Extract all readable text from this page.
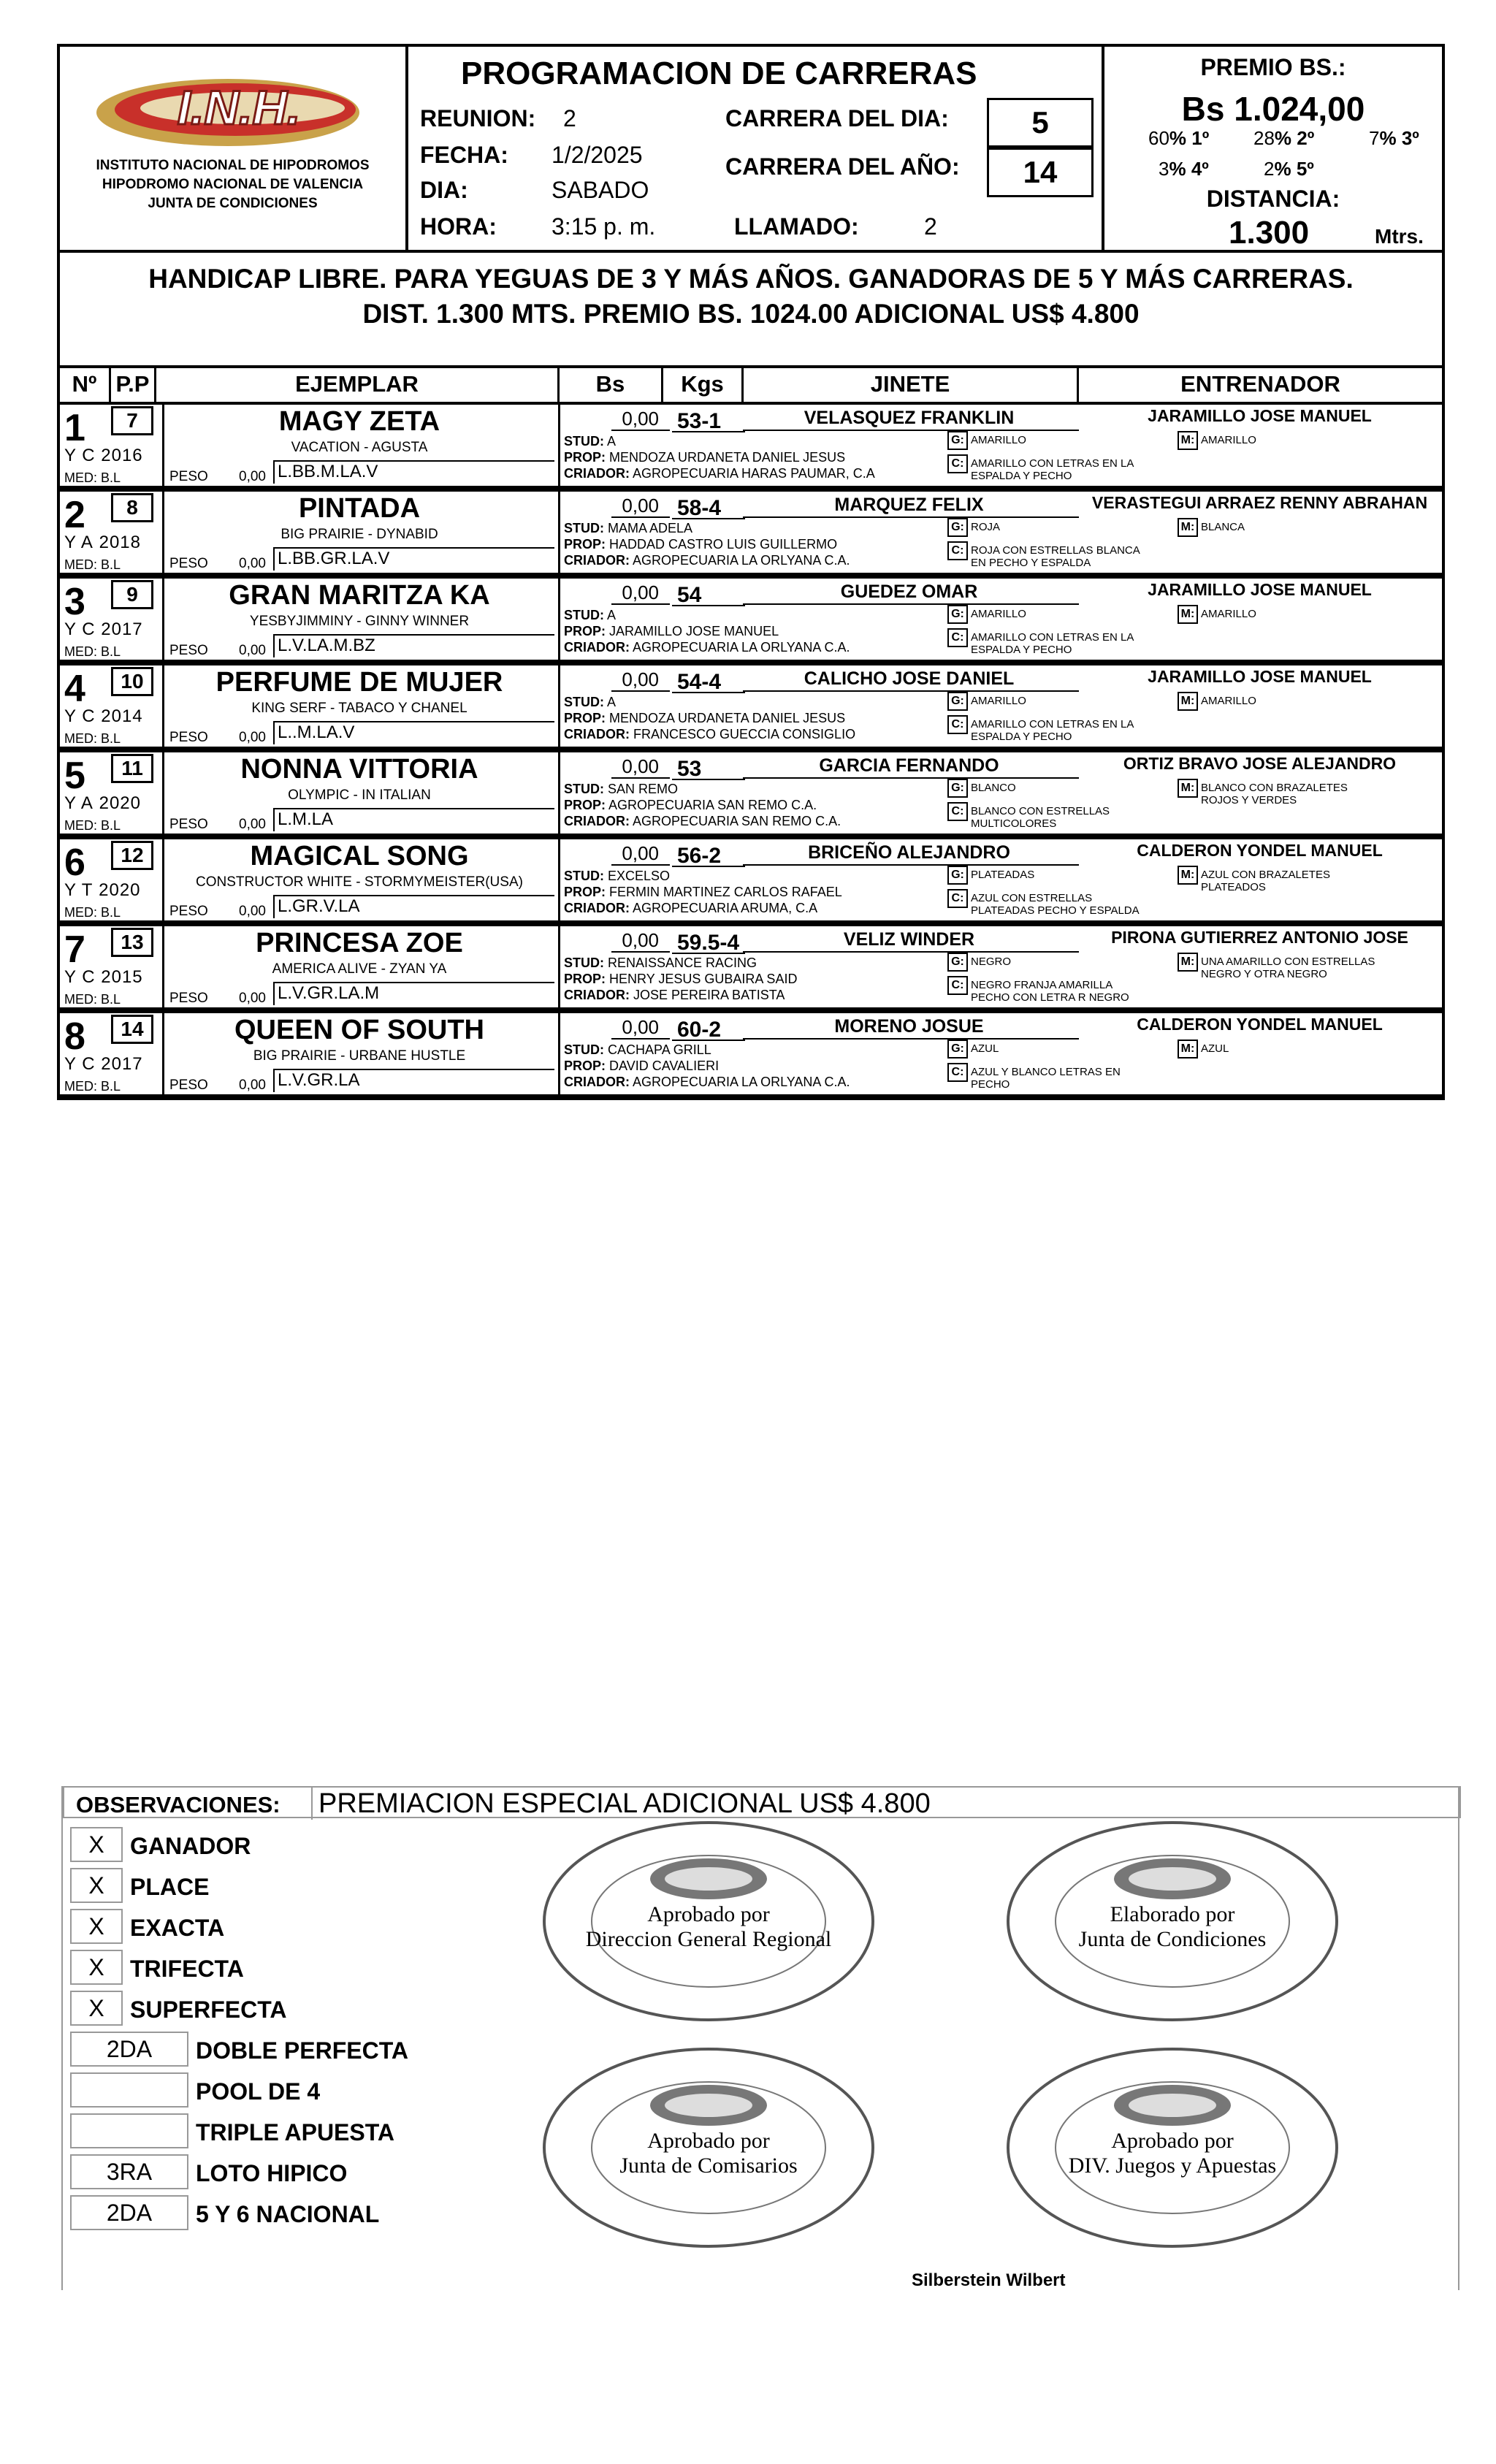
I.N.H.
INSTITUTO NACIONAL DE HIPODROMOS
HIPODROMO NACIONAL DE VALENCIA
JUNTA DE CONDICIONES
PROGRAMACION DE CARRERAS
REUNION: 2
FECHA: 1/2/2025
DIA:	SABADO
HORA: 3:15 p. m.
CARRERA DEL DIA:	5
CARRERA DEL AÑO:	14
LLAMADO:	2
PREMIO BS.:
Bs 1.024,00
60% 1º 28% 2º	7% 3º
3% 4º	2% 5º
DISTANCIA:
1.300	Mtrs.
HANDICAP LIBRE. PARA YEGUAS DE 3 Y MÁS AÑOS. GANADORAS DE 5 Y MÁS CARRERAS.
DIST. 1.300 MTS. PREMIO BS. 1024.00 ADICIONAL US$ 4.800
Nº P.P	EJEMPLAR	Bs	Kgs	JINETE	ENTRENADOR
1	7
Y C 2016
MED: B.L
MAGY ZETA
VACATION - AGUSTA
PESO 0,00 L.BB.M.LA.V
0,00 53-1	VELASQUEZ FRANKLIN	JARAMILLO JOSE MANUEL
STUD: A
PROP: MENDOZA URDANETA DANIEL JESUS
CRIADOR: AGROPECUARIA HARAS PAUMAR, C.A
G: AMARILLO
C: AMARILLO CON LETRAS EN LA
ESPALDA Y PECHO
M: AMARILLO

2	8
Y A 2018
MED: B.L
PINTADA
BIG PRAIRIE - DYNABID
PESO 0,00 L.BB.GR.LA.V
0,00 58-4	MARQUEZ FELIX	VERASTEGUI ARRAEZ RENNY ABRAHAN
STUD: MAMA ADELA
PROP: HADDAD CASTRO LUIS GUILLERMO
CRIADOR: AGROPECUARIA LA ORLYANA C.A.
G: ROJA
C: ROJA CON ESTRELLAS BLANCA
EN PECHO Y ESPALDA
M: BLANCA

3	9
Y C 2017
MED: B.L
GRAN MARITZA KA
YESBYJIMMINY - GINNY WINNER
PESO 0,00 L.V.LA.M.BZ
0,00 54	GUEDEZ OMAR	JARAMILLO JOSE MANUEL
STUD: A
PROP: JARAMILLO JOSE MANUEL
CRIADOR: AGROPECUARIA LA ORLYANA C.A.
G: AMARILLO
C: AMARILLO CON LETRAS EN LA
ESPALDA Y PECHO
M: AMARILLO

4	10
Y C 2014
MED: B.L
PERFUME DE MUJER
KING SERF - TABACO Y CHANEL
PESO 0,00 L..M.LA.V
0,00 54-4	CALICHO JOSE DANIEL	JARAMILLO JOSE MANUEL
STUD: A
PROP: MENDOZA URDANETA DANIEL JESUS
CRIADOR: FRANCESCO GUECCIA CONSIGLIO
G: AMARILLO
C: AMARILLO CON LETRAS EN LA
ESPALDA Y PECHO
M: AMARILLO

5	11
Y A 2020
MED: B.L
NONNA VITTORIA
OLYMPIC - IN ITALIAN
PESO 0,00 L.M.LA
0,00 53	GARCIA FERNANDO	ORTIZ BRAVO JOSE ALEJANDRO
STUD: SAN REMO
PROP: AGROPECUARIA SAN REMO C.A.
CRIADOR: AGROPECUARIA SAN REMO C.A.
G: BLANCO
C: BLANCO CON ESTRELLAS
MULTICOLORES
M: BLANCO CON BRAZALETES
ROJOS Y VERDES
6	12
Y T 2020
MED: B.L
MAGICAL SONG
CONSTRUCTOR WHITE - STORMYMEISTER(USA)
PESO 0,00 L.GR.V.LA
0,00 56-2	BRICEÑO ALEJANDRO	CALDERON YONDEL MANUEL
STUD: EXCELSO
PROP: FERMIN MARTINEZ CARLOS RAFAEL
CRIADOR: AGROPECUARIA ARUMA, C.A
G: PLATEADAS
C: AZUL CON ESTRELLAS
PLATEADAS PECHO Y ESPALDA
M: AZUL CON BRAZALETES
PLATEADOS
7	13
Y C 2015
MED: B.L
PRINCESA ZOE
AMERICA ALIVE - ZYAN YA
PESO 0,00 L.V.GR.LA.M
0,00 59.5-4	VELIZ WINDER	PIRONA GUTIERREZ ANTONIO JOSE
STUD: RENAISSANCE RACING
PROP: HENRY JESUS GUBAIRA SAID
CRIADOR: JOSE PEREIRA BATISTA
G: NEGRO
C: NEGRO FRANJA AMARILLA
PECHO CON LETRA R NEGRO
M: UNA AMARILLO CON ESTRELLAS
NEGRO Y OTRA NEGRO
8	14
Y C 2017
MED: B.L
QUEEN OF SOUTH
BIG PRAIRIE - URBANE HUSTLE
PESO 0,00 L.V.GR.LA
0,00 60-2	MORENO JOSUE	CALDERON YONDEL MANUEL
STUD: CACHAPA GRILL
PROP: DAVID CAVALIERI
CRIADOR: AGROPECUARIA LA ORLYANA C.A.
G: AZUL
C: AZUL Y BLANCO LETRAS EN
PECHO
M: AZUL

OBSERVACIONES: PREMIACION ESPECIAL ADICIONAL US$ 4.800
X	GANADOR
X	PLACE
X	EXACTA
X	TRIFECTA
X	SUPERFECTA
2DA	DOBLE PERFECTA
POOL DE 4
TRIPLE APUESTA
3RA	LOTO HIPICO
2DA	5 Y 6 NACIONAL
Aprobado por
Direccion General Regional
Elaborado por
Junta de Condiciones
Aprobado por
Junta de Comisarios
Aprobado por
DIV. Juegos y Apuestas
Silberstein Wilbert
